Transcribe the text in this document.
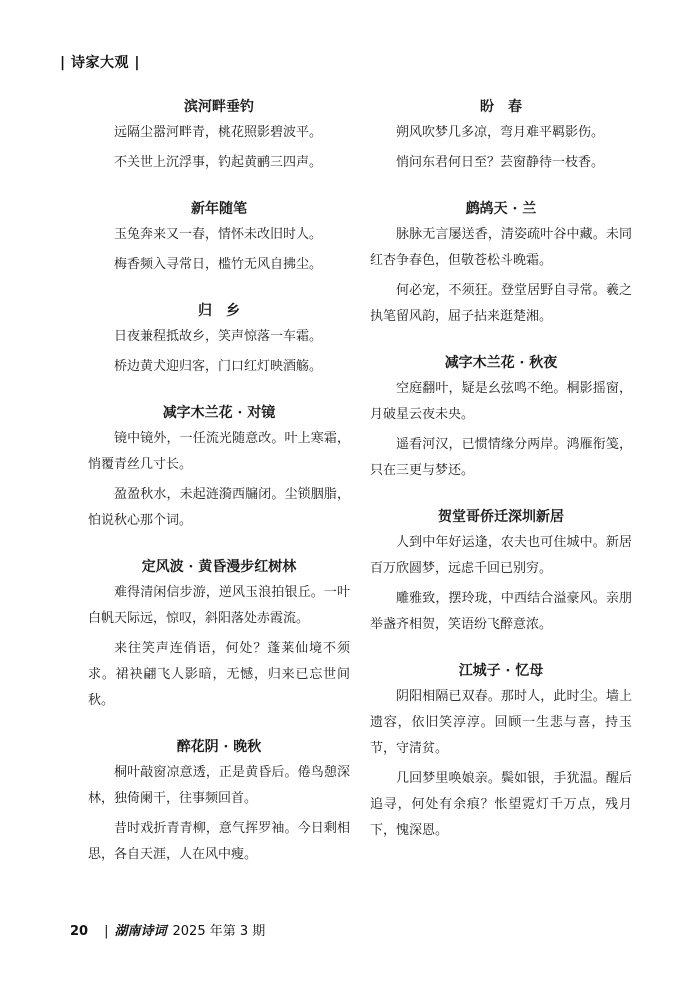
| 诗家大观 |
滨河畔垂钓

远隔尘嚣河畔青，桃花照影碧波平。

不关世上沉浮事，钓起黄鹂三四声。

新年随笔

玉兔奔来又一春，情怀未改旧时人。

梅香频入寻常日，槛竹无风自拂尘。

归　乡

日夜兼程抵故乡，笑声惊落一车霜。

桥边黄犬迎归客，门口红灯映酒觞。

减字木兰花 · 对镜

镜中镜外，一任流光随意改。叶上寒霜，悄覆青丝几寸长。

盈盈秋水，未起涟漪西牖闭。尘锁胭脂，怕说秋心那个词。

定风波 · 黄昏漫步红树林

难得清闲信步游，逆风玉浪拍银丘。一叶白帆天际远，惊叹，斜阳落处赤霞流。

来往笑声连俏语，何处？蓬莱仙境不须求。裙袂翩飞人影暗，无憾，归来已忘世间秋。

醉花阴 · 晚秋

桐叶敲窗凉意透，正是黄昏后。倦鸟憩深林，独倚阑干，往事频回首。

昔时戏折青青柳，意气挥罗袖。今日剩相思，各自天涯，人在风中瘦。

盼　春

朔风吹梦几多凉，弯月难平羁影伤。

悄问东君何日至？芸窗静待一枝香。

鹧鸪天 · 兰

脉脉无言屡送香，清姿疏叶谷中藏。未同红杏争春色，但敬苍松斗晚霜。

何必宠，不须狂。登堂居野自寻常。羲之执笔留风韵，屈子拈来逛楚湘。

减字木兰花 · 秋夜

空庭翻叶，疑是幺弦鸣不绝。桐影摇窗，月破星云夜未央。

遥看河汉，已惯情缘分两岸。鸿雁衔笺，只在三更与梦还。

贺堂哥侨迁深圳新居

人到中年好运逢，农夫也可住城中。新居百万欣圆梦，远虑千回已别穷。

雕雅致，摆玲珑，中西结合溢豪风。亲朋举盏齐相贺，笑语纷飞醉意浓。

江城子 · 忆母

阴阳相隔已双春。那时人，此时尘。墙上遗容，依旧笑淳淳。回顾一生悲与喜，持玉节，守清贫。

几回梦里唤娘亲。鬓如银，手犹温。醒后追寻，何处有余痕？怅望霓灯千万点，残月下，愧深恩。

20 | 湖南诗词 2025 年第 3 期
